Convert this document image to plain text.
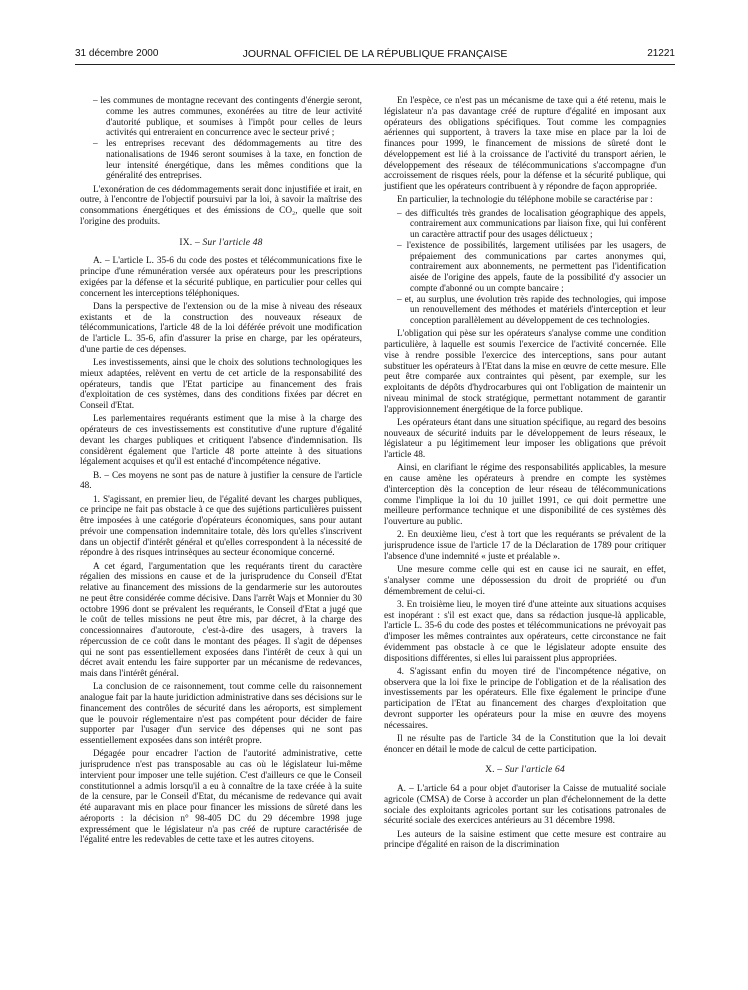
31 décembre 2000	JOURNAL OFFICIEL DE LA RÉPUBLIQUE FRANÇAISE	21221
– les communes de montagne recevant des contingents d'énergie seront, comme les autres communes, exonérées au titre de leur activité d'autorité publique, et soumises à l'impôt pour celles de leurs activités qui entreraient en concurrence avec le secteur privé ;
– les entreprises recevant des dédommagements au titre des nationalisations de 1946 seront soumises à la taxe, en fonction de leur intensité énergétique, dans les mêmes conditions que la généralité des entreprises.

L'exonération de ces dédommagements serait donc injustifiée et irait, en outre, à l'encontre de l'objectif poursuivi par la loi, à savoir la maîtrise des consommations énergétiques et des émissions de CO₂, quelle que soit l'origine des produits.

IX. – Sur l'article 48

A. – L'article L. 35-6 du code des postes et télécommunications fixe le principe d'une rémunération versée aux opérateurs pour les prescriptions exigées par la défense et la sécurité publique, en particulier pour celles qui concernent les interceptions téléphoniques.

Dans la perspective de l'extension ou de la mise à niveau des réseaux existants et de la construction des nouveaux réseaux de télécommunications, l'article 48 de la loi déférée prévoit une modification de l'article L. 35-6, afin d'assurer la prise en charge, par les opérateurs, d'une partie de ces dépenses.

Les investissements, ainsi que le choix des solutions technologiques les mieux adaptées, relèvent en vertu de cet article de la responsabilité des opérateurs, tandis que l'Etat participe au financement des frais d'exploitation de ces systèmes, dans des conditions fixées par décret en Conseil d'Etat.

Les parlementaires requérants estiment que la mise à la charge des opérateurs de ces investissements est constitutive d'une rupture d'égalité devant les charges publiques et critiquent l'absence d'indemnisation. Ils considèrent également que l'article 48 porte atteinte à des situations légalement acquises et qu'il est entaché d'incompétence négative.

B. – Ces moyens ne sont pas de nature à justifier la censure de l'article 48.

1. S'agissant, en premier lieu, de l'égalité devant les charges publiques, ce principe ne fait pas obstacle à ce que des sujétions particulières puissent être imposées à une catégorie d'opérateurs économiques, sans pour autant prévoir une compensation indemnitaire totale, dès lors qu'elles s'inscrivent dans un objectif d'intérêt général et qu'elles correspondent à la nécessité de répondre à des risques intrinsèques au secteur économique concerné.

A cet égard, l'argumentation que les requérants tirent du caractère régalien des missions en cause et de la jurisprudence du Conseil d'Etat relative au financement des missions de la gendarmerie sur les autoroutes ne peut être considérée comme décisive. Dans l'arrêt Wajs et Monnier du 30 octobre 1996 dont se prévalent les requérants, le Conseil d'Etat a jugé que le coût de telles missions ne peut être mis, par décret, à la charge des concessionnaires d'autoroute, c'est-à-dire des usagers, à travers la répercussion de ce coût dans le montant des péages. Il s'agit de dépenses qui ne sont pas essentiellement exposées dans l'intérêt de ceux à qui un décret avait entendu les faire supporter par un mécanisme de redevances, mais dans l'intérêt général.

La conclusion de ce raisonnement, tout comme celle du raisonnement analogue fait par la haute juridiction administrative dans ses décisions sur le financement des contrôles de sécurité dans les aéroports, est simplement que le pouvoir réglementaire n'est pas compétent pour décider de faire supporter par l'usager d'un service des dépenses qui ne sont pas essentiellement exposées dans son intérêt propre.

Dégagée pour encadrer l'action de l'autorité administrative, cette jurisprudence n'est pas transposable au cas où le législateur lui-même intervient pour imposer une telle sujétion. C'est d'ailleurs ce que le Conseil constitutionnel a admis lorsqu'il a eu à connaître de la taxe créée à la suite de la censure, par le Conseil d'Etat, du mécanisme de redevance qui avait été auparavant mis en place pour financer les missions de sûreté dans les aéroports : la décision n° 98-405 DC du 29 décembre 1998 juge expressément que le législateur n'a pas créé de rupture caractérisée de l'égalité entre les redevables de cette taxe et les autres citoyens.

En l'espèce, ce n'est pas un mécanisme de taxe qui a été retenu, mais le législateur n'a pas davantage créé de rupture d'égalité en imposant aux opérateurs des obligations spécifiques. Tout comme les compagnies aériennes qui supportent, à travers la taxe mise en place par la loi de finances pour 1999, le financement de missions de sûreté dont le développement est lié à la croissance de l'activité du transport aérien, le développement des réseaux de télécommunications s'accompagne d'un accroissement de risques réels, pour la défense et la sécurité publique, qui justifient que les opérateurs contribuent à y répondre de façon appropriée.

En particulier, la technologie du téléphone mobile se caractérise par :

– des difficultés très grandes de localisation géographique des appels, contrairement aux communications par liaison fixe, qui lui confèrent un caractère attractif pour des usages délictueux ;
– l'existence de possibilités, largement utilisées par les usagers, de prépaiement des communications par cartes anonymes qui, contrairement aux abonnements, ne permettent pas l'identification aisée de l'origine des appels, faute de la possibilité d'y associer un compte d'abonné ou un compte bancaire ;
– et, au surplus, une évolution très rapide des technologies, qui impose un renouvellement des méthodes et matériels d'interception et leur conception parallèlement au développement de ces technologies.

L'obligation qui pèse sur les opérateurs s'analyse comme une condition particulière, à laquelle est soumis l'exercice de l'activité concernée. Elle vise à rendre possible l'exercice des interceptions, sans pour autant substituer les opérateurs à l'Etat dans la mise en œuvre de cette mesure. Elle peut être comparée aux contraintes qui pèsent, par exemple, sur les exploitants de dépôts d'hydrocarbures qui ont l'obligation de maintenir un niveau minimal de stock stratégique, permettant notamment de garantir l'approvisionnement énergétique de la force publique.

Les opérateurs étant dans une situation spécifique, au regard des besoins nouveaux de sécurité induits par le développement de leurs réseaux, le législateur a pu légitimement leur imposer les obligations que prévoit l'article 48.

Ainsi, en clarifiant le régime des responsabilités applicables, la mesure en cause amène les opérateurs à prendre en compte les systèmes d'interception dès la conception de leur réseau de télécommunications comme l'implique la loi du 10 juillet 1991, ce qui doit permettre une meilleure performance technique et une disponibilité de ces systèmes dès l'ouverture au public.

2. En deuxième lieu, c'est à tort que les requérants se prévalent de la jurisprudence issue de l'article 17 de la Déclaration de 1789 pour critiquer l'absence d'une indemnité « juste et préalable ».

Une mesure comme celle qui est en cause ici ne saurait, en effet, s'analyser comme une dépossession du droit de propriété ou d'un démembrement de celui-ci.

3. En troisième lieu, le moyen tiré d'une atteinte aux situations acquises est inopérant : s'il est exact que, dans sa rédaction jusque-là applicable, l'article L. 35-6 du code des postes et télécommunications ne prévoyait pas d'imposer les mêmes contraintes aux opérateurs, cette circonstance ne fait évidemment pas obstacle à ce que le législateur adopte ensuite des dispositions différentes, si elles lui paraissent plus appropriées.

4. S'agissant enfin du moyen tiré de l'incompétence négative, on observera que la loi fixe le principe de l'obligation et de la réalisation des investissements par les opérateurs. Elle fixe également le principe d'une participation de l'Etat au financement des charges d'exploitation que devront supporter les opérateurs pour la mise en œuvre des moyens nécessaires.

Il ne résulte pas de l'article 34 de la Constitution que la loi devait énoncer en détail le mode de calcul de cette participation.

X. – Sur l'article 64

A. – L'article 64 a pour objet d'autoriser la Caisse de mutualité sociale agricole (CMSA) de Corse à accorder un plan d'échelonnement de la dette sociale des exploitants agricoles portant sur les cotisations patronales de sécurité sociale des exercices antérieurs au 31 décembre 1998.

Les auteurs de la saisine estiment que cette mesure est contraire au principe d'égalité en raison de la discrimination
